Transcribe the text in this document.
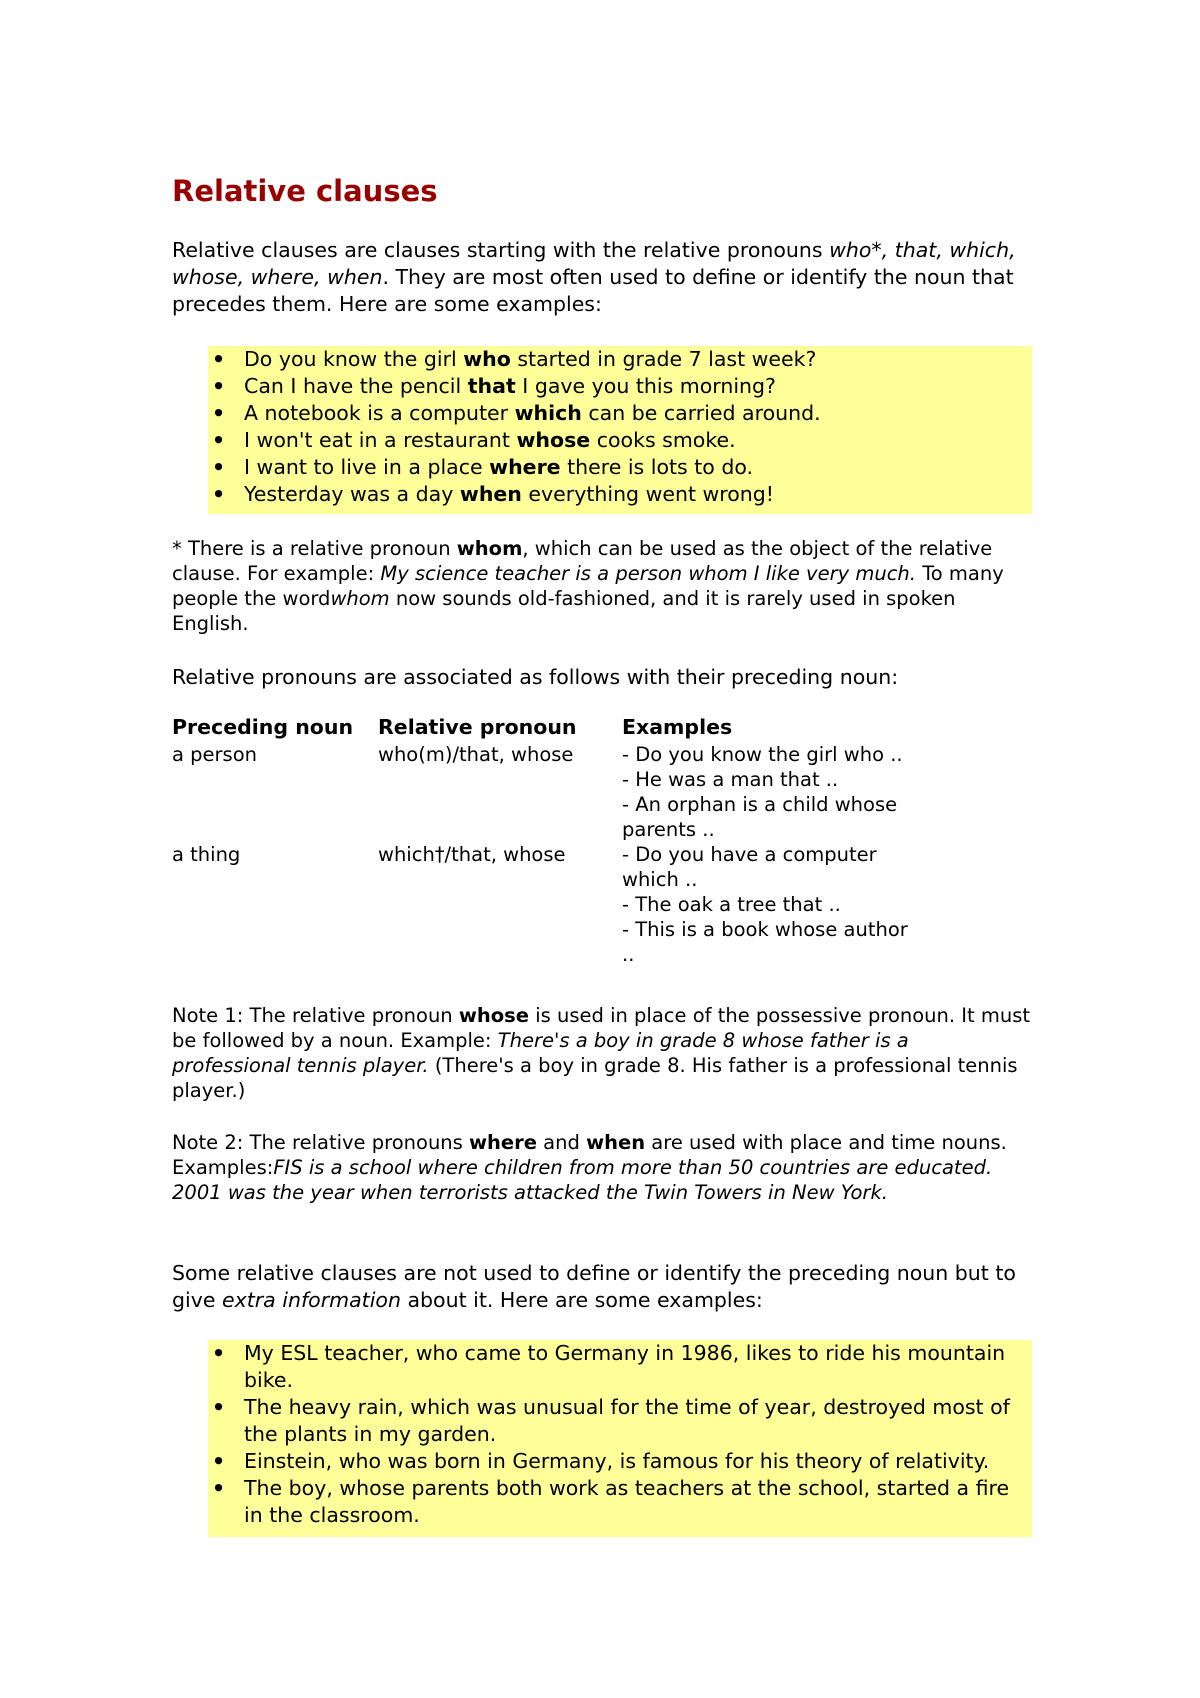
Relative clauses

Relative clauses are clauses starting with the relative pronouns who*, that, which, whose, where, when. They are most often used to define or identify the noun that precedes them. Here are some examples:

• Do you know the girl who started in grade 7 last week?
• Can I have the pencil that I gave you this morning?
• A notebook is a computer which can be carried around.
• I won't eat in a restaurant whose cooks smoke.
• I want to live in a place where there is lots to do.
• Yesterday was a day when everything went wrong!

* There is a relative pronoun whom, which can be used as the object of the relative clause. For example: My science teacher is a person whom I like very much. To many people the wordwhom now sounds old-fashioned, and it is rarely used in spoken English.

Relative pronouns are associated as follows with their preceding noun:

Preceding noun	Relative pronoun	Examples
a person	who(m)/that, whose	- Do you know the girl who ..
- He was a man that ..
- An orphan is a child whose parents ..
a thing	which†/that, whose	- Do you have a computer which ..
- The oak a tree that ..
- This is a book whose author ..

Note 1: The relative pronoun whose is used in place of the possessive pronoun. It must be followed by a noun. Example: There's a boy in grade 8 whose father is a professional tennis player. (There's a boy in grade 8. His father is a professional tennis player.)

Note 2: The relative pronouns where and when are used with place and time nouns. Examples:FIS is a school where children from more than 50 countries are educated. 2001 was the year when terrorists attacked the Twin Towers in New York.

Some relative clauses are not used to define or identify the preceding noun but to give extra information about it. Here are some examples:

• My ESL teacher, who came to Germany in 1986, likes to ride his mountain bike.
• The heavy rain, which was unusual for the time of year, destroyed most of the plants in my garden.
• Einstein, who was born in Germany, is famous for his theory of relativity.
• The boy, whose parents both work as teachers at the school, started a fire in the classroom.
